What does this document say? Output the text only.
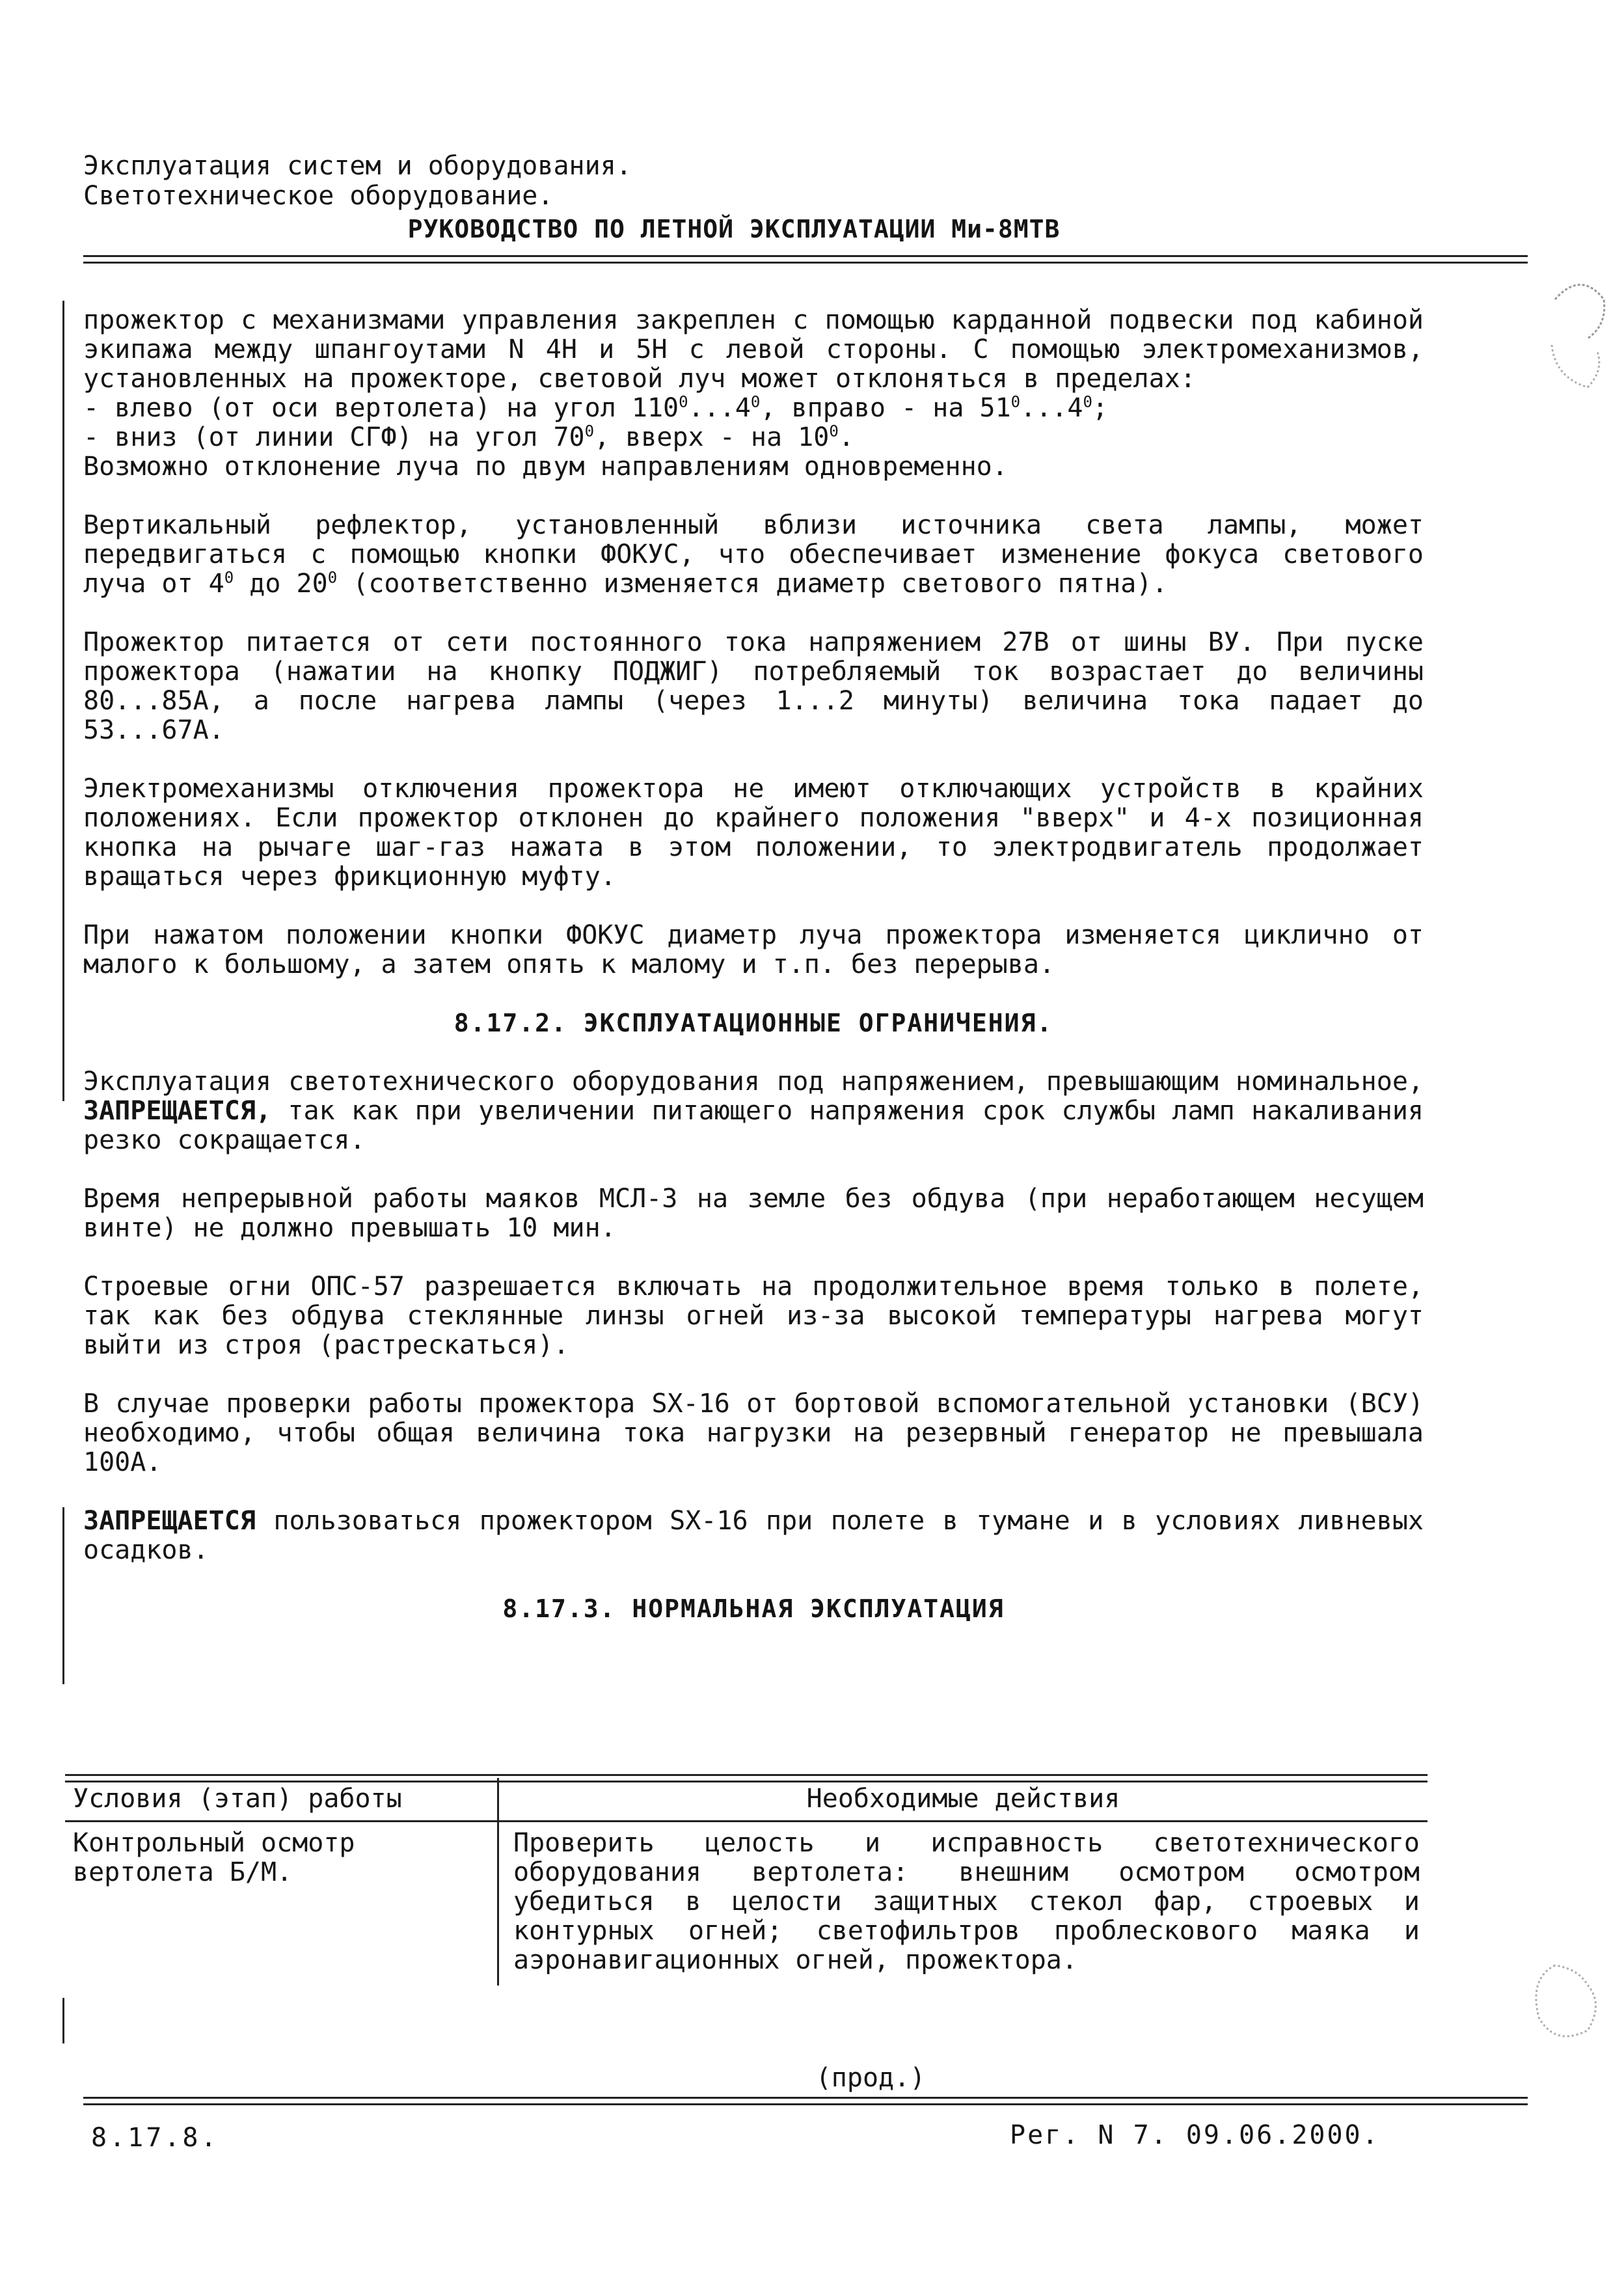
Эксплуатация систем и оборудования.
Светотехническое оборудование.
РУКОВОДСТВО ПО ЛЕТНОЙ ЭКСПЛУАТАЦИИ Ми-8МТВ

прожектор с механизмами управления закреплен с помощью карданной подвески под кабиной экипажа между шпангоутами N 4Н и 5Н с левой стороны. С помощью электромеханизмов, установленных на прожекторе, световой луч может отклоняться в пределах:

- влево (от оси вертолета) на угол $110^0...4^0$, вправо - на $51^0...4^0$;
- вниз (от линии СГФ) на угол $70^0$, вверх - на $10^0$.

Возможно отклонение луча по двум направлениям одновременно.

Вертикальный рефлектор, установленный вблизи источника света лампы, может передвигаться с помощью кнопки ФОКУС, что обеспечивает изменение фокуса светового луча от $4^0$ до $20^0$ (соответственно изменяется диаметр светового пятна).

Прожектор питается от сети постоянного тока напряжением 27В от шины ВУ. При пуске прожектора (нажатии на кнопку ПОДЖИГ) потребляемый ток возрастает до величины 80...85А, а после нагрева лампы (через 1...2 минуты) величина тока падает до 53...67А.

Электромеханизмы отключения прожектора не имеют отключающих устройств в крайних положениях. Если прожектор отклонен до крайнего положения "вверх" и 4-х позиционная кнопка на рычаге шаг-газ нажата в этом положении, то электродвигатель продолжает вращаться через фрикционную муфту.

При нажатом положении кнопки ФОКУС диаметр луча прожектора изменяется циклично от малого к большому, а затем опять к малому и т.п. без перерыва.

8.17.2. ЭКСПЛУАТАЦИОННЫЕ ОГРАНИЧЕНИЯ.

Эксплуатация светотехнического оборудования под напряжением, превышающим номинальное, ЗАПРЕЩАЕТСЯ, так как при увеличении питающего напряжения срок службы ламп накаливания резко сокращается.

Время непрерывной работы маяков МСЛ-3 на земле без обдува (при неработающем несущем винте) не должно превышать 10 мин.

Строевые огни ОПС-57 разрешается включать на продолжительное время только в полете, так как без обдува стеклянные линзы огней из-за высокой температуры нагрева могут выйти из строя (растрескаться).

В случае проверки работы прожектора SX-16 от бортовой вспомогательной установки (ВСУ) необходимо, чтобы общая величина тока нагрузки на резервный генератор не превышала 100А.

ЗАПРЕЩАЕТСЯ пользоваться прожектором SX-16 при полете в тумане и в условиях ливневых осадков.

8.17.3. НОРМАЛЬНАЯ ЭКСПЛУАТАЦИЯ
Условия (этап) работы	Необходимые действия
Контрольный осмотр
вертолета Б/М.	Проверить целость и исправность светотехнического оборудования вертолета: внешним осмотром осмотром убедиться в целости защитных стекол фар, строевых и контурных огней; светофильтров проблескового маяка и аэронавигационных огней, прожектора.
(прод.)
8.17.8.	Рег. N 7. 09.06.2000.
